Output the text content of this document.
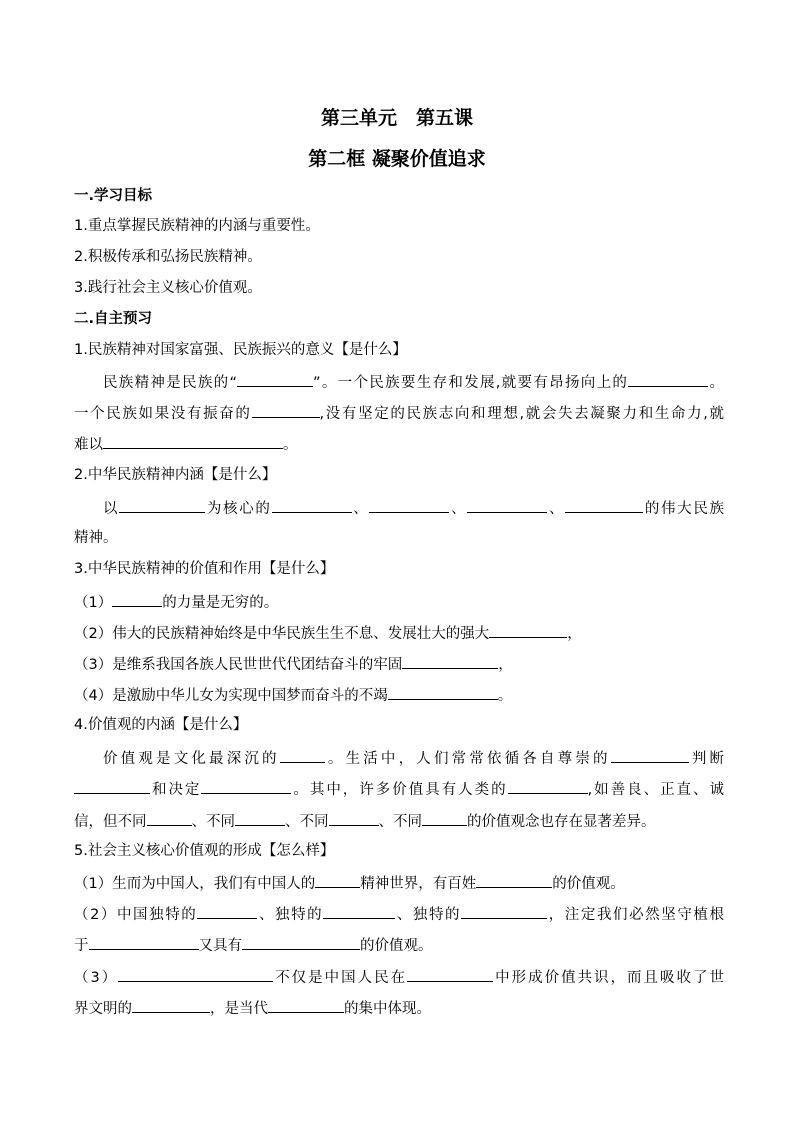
第三单元　第五课
第二框 凝聚价值追求
一.学习目标
1.重点掌握民族精神的内涵与重要性。
2.积极传承和弘扬民族精神。
3.践行社会主义核心价值观。
二.自主预习
1.民族精神对国家富强、民族振兴的意义【是什么】
民族精神是民族的“	”。一个民族要生存和发展,就要有昂扬向上的	。
一个民族如果没有振奋的	,没有坚定的民族志向和理想,就会失去凝聚力和生命力,就
难以	。
2.中华民族精神内涵【是什么】
以	为核心的	、	、	、	的伟大民族
精神。
3.中华民族精神的价值和作用【是什么】
（1）	的力量是无穷的。
（2）伟大的民族精神始终是中华民族生生不息、发展壮大的强大	，
（3）是维系我国各族人民世世代代团结奋斗的牢固	，
（4）是激励中华儿女为实现中国梦而奋斗的不竭	。
4.价值观的内涵【是什么】
价值观是文化最深沉的	。生活中，人们常常依循各自尊崇的	判断
和决定	。其中，许多价值具有人类的	,如善良、正直、诚
信，但不同	、不同	、不同	、不同	的价值观念也存在显著差异。
5.社会主义核心价值观的形成【怎么样】
（1）生而为中国人，我们有中国人的	精神世界，有百姓	的价值观。
（2）中国独特的	、独特的	、独特的	，注定我们必然坚守植根
于	又具有	的价值观。
（3）	不仅是中国人民在	中形成价值共识，而且吸收了世
界文明的	，是当代	的集中体现。
